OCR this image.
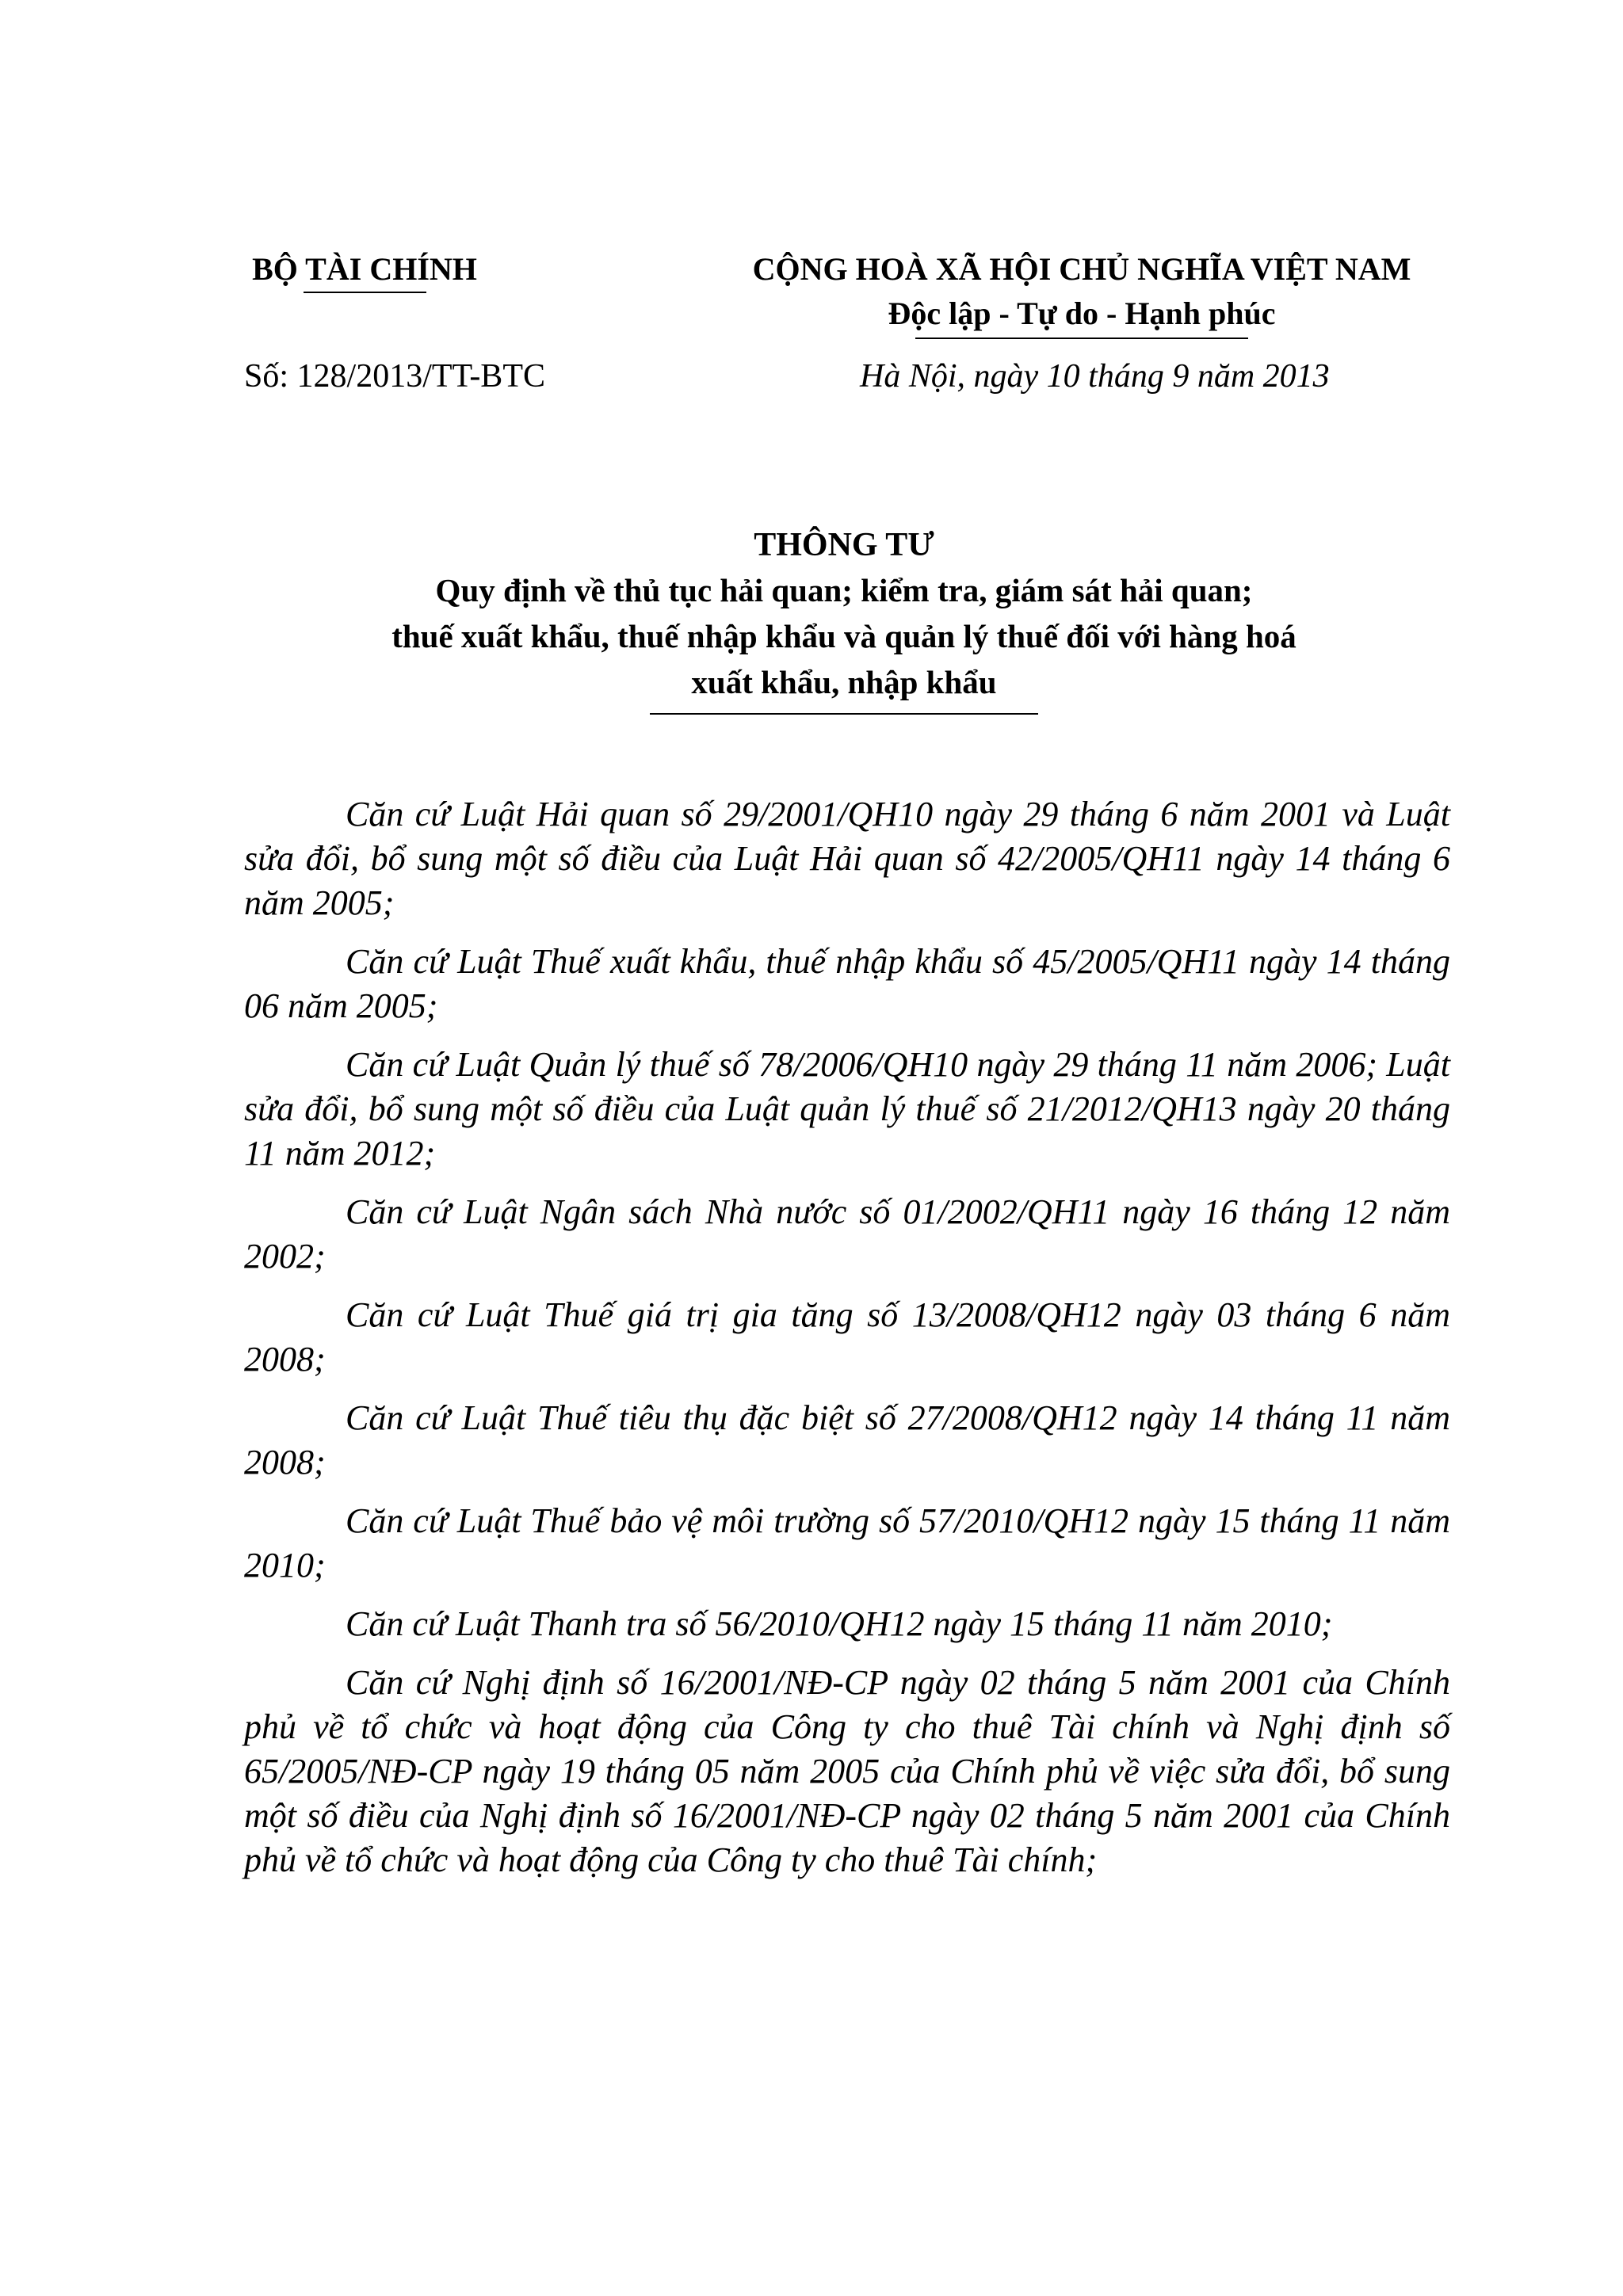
BỘ TÀI CHÍNH	CỘNG HOÀ XÃ HỘI CHỦ NGHĨA VIỆT NAM
Độc lập - Tự do - Hạnh phúc
Số: 128/2013/TT-BTC	Hà Nội, ngày 10 tháng 9 năm 2013
THÔNG TƯ
Quy định về thủ tục hải quan; kiểm tra, giám sát hải quan;
thuế xuất khẩu, thuế nhập khẩu và quản lý thuế đối với hàng hoá
xuất khẩu, nhập khẩu

Căn cứ Luật Hải quan số 29/2001/QH10 ngày 29 tháng 6 năm 2001 và Luật sửa đổi, bổ sung một số điều của Luật Hải quan số 42/2005/QH11 ngày 14 tháng 6 năm 2005;

Căn cứ Luật Thuế xuất khẩu, thuế nhập khẩu số 45/2005/QH11 ngày 14 tháng 06 năm 2005;

Căn cứ Luật Quản lý thuế số 78/2006/QH10 ngày 29 tháng 11 năm 2006; Luật sửa đổi, bổ sung một số điều của Luật quản lý thuế số 21/2012/QH13 ngày 20 tháng 11 năm 2012;

Căn cứ Luật Ngân sách Nhà nước số 01/2002/QH11 ngày 16 tháng 12 năm 2002;

Căn cứ Luật Thuế giá trị gia tăng số 13/2008/QH12 ngày 03 tháng 6 năm 2008;

Căn cứ Luật Thuế tiêu thụ đặc biệt số 27/2008/QH12 ngày 14 tháng 11 năm 2008;

Căn cứ Luật Thuế bảo vệ môi trường số 57/2010/QH12 ngày 15 tháng 11 năm 2010;

Căn cứ Luật Thanh tra số 56/2010/QH12 ngày 15 tháng 11 năm 2010;

Căn cứ Nghị định số 16/2001/NĐ-CP ngày 02 tháng 5 năm 2001 của Chính phủ về tổ chức và hoạt động của Công ty cho thuê Tài chính và Nghị định số 65/2005/NĐ-CP ngày 19 tháng 05 năm 2005 của Chính phủ về việc sửa đổi, bổ sung một số điều của Nghị định số 16/2001/NĐ-CP ngày 02 tháng 5 năm 2001 của Chính phủ về tổ chức và hoạt động của Công ty cho thuê Tài chính;
